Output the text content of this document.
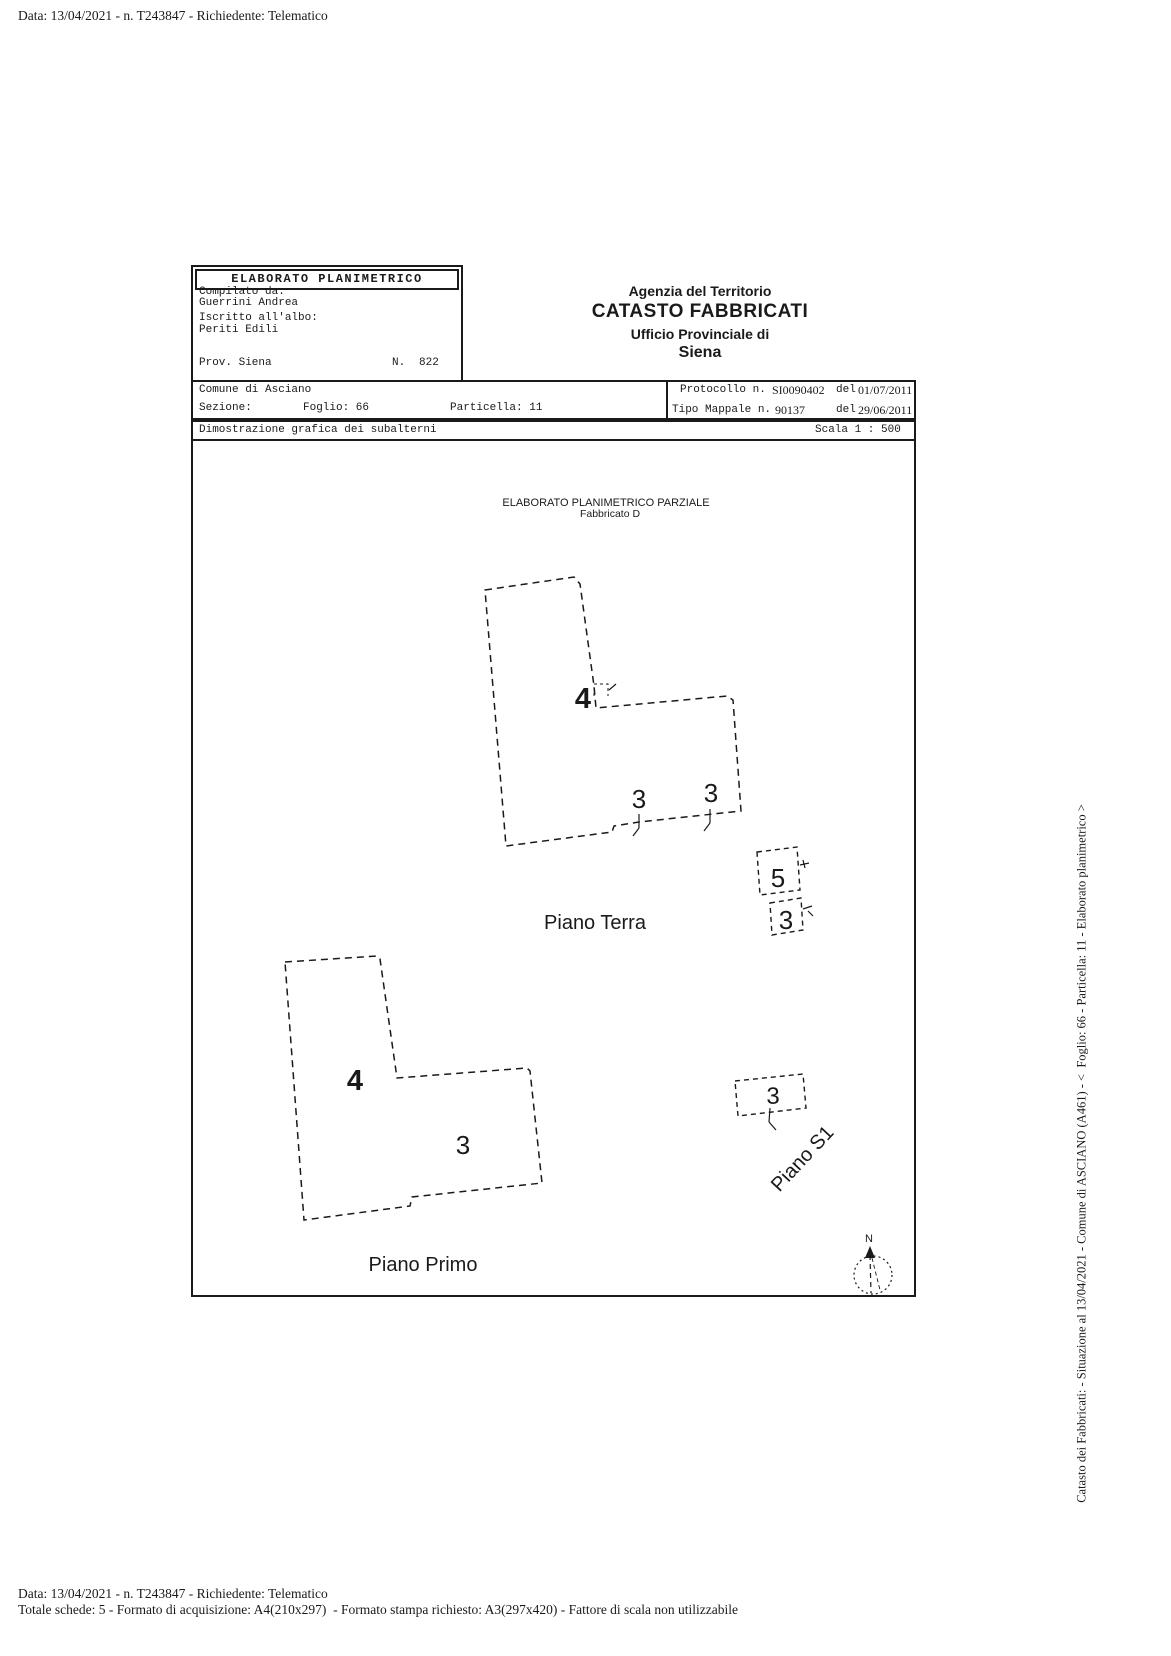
Data: 13/04/2021 - n. T243847 - Richiedente: Telematico
ELABORATO PLANIMETRICO
Compilato da:
Guerrini Andrea
Iscritto all'albo:
Periti Edili
Prov. Siena	N. 822
Agenzia del Territorio
CATASTO FABBRICATI
Ufficio Provinciale di
Siena
Comune di Asciano
Sezione:	Foglio: 66	Particella: 11
Protocollo n. SI0090402 del 01/07/2011
Tipo Mappale n. 90137	del 29/06/2011
Dimostrazione grafica dei subalterni	Scala 1 : 500
ELABORATO PLANIMETRICO PARZIALE
Fabbricato D
4
3 3
5
3
Piano Terra
4
3
Piano Primo
3
Piano S1
N	Catasto dei Fabbricati: - Situazione al 13/04/2021 - Comune di ASCIANO (A461) - <  Foglio: 66 - Particella: 11 - Elaborato planimetrico >
Data: 13/04/2021 - n. T243847 - Richiedente: Telematico
Totale schede: 5 - Formato di acquisizione: A4(210x297)  - Formato stampa richiesto: A3(297x420) - Fattore di scala non utilizzabile
